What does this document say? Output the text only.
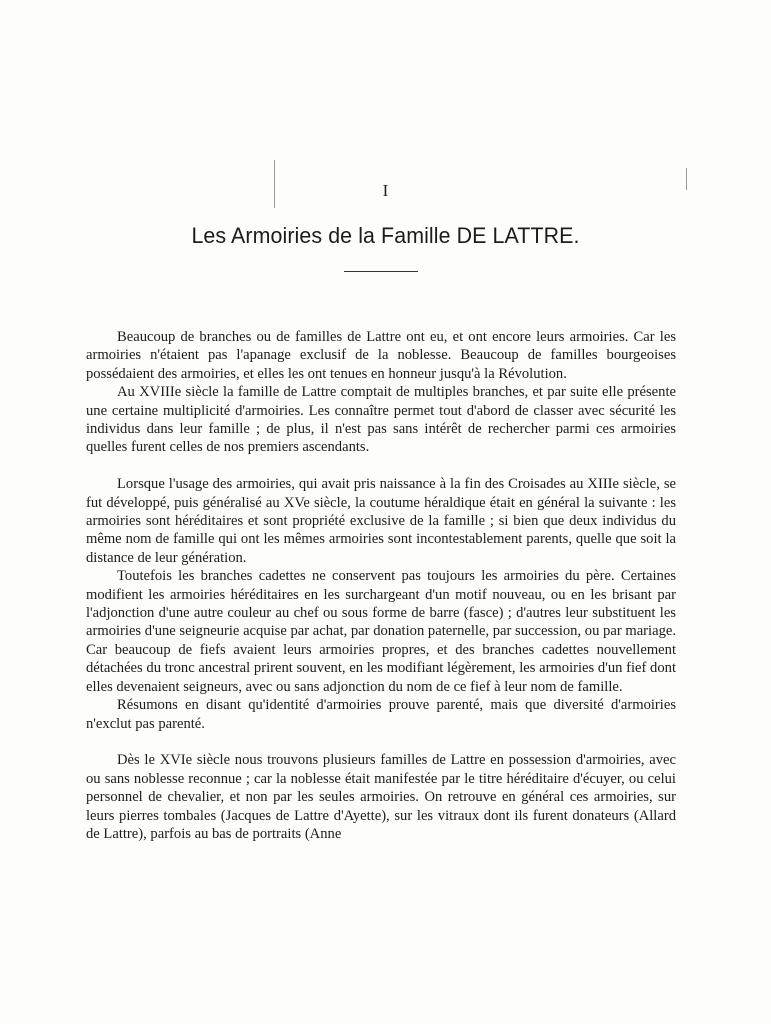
I
Les Armoiries de la Famille DE LATTRE.

Beaucoup de branches ou de familles de Lattre ont eu, et ont encore leurs armoiries. Car les armoiries n'étaient pas l'apanage exclusif de la noblesse. Beaucoup de familles bourgeoises possédaient des armoiries, et elles les ont tenues en honneur jusqu'à la Révolution.

Au XVIIIe siècle la famille de Lattre comptait de multiples branches, et par suite elle présente une certaine multiplicité d'armoiries. Les connaître permet tout d'abord de classer avec sécurité les individus dans leur famille ; de plus, il n'est pas sans intérêt de rechercher parmi ces armoiries quelles furent celles de nos premiers ascendants.

Lorsque l'usage des armoiries, qui avait pris naissance à la fin des Croisades au XIIIe siècle, se fut développé, puis généralisé au XVe siècle, la coutume héraldique était en général la suivante : les armoiries sont héréditaires et sont propriété exclusive de la famille ; si bien que deux individus du même nom de famille qui ont les mêmes armoiries sont incontestablement parents, quelle que soit la distance de leur génération.

Toutefois les branches cadettes ne conservent pas toujours les armoiries du père. Certaines modifient les armoiries héréditaires en les surchargeant d'un motif nouveau, ou en les brisant par l'adjonction d'une autre couleur au chef ou sous forme de barre (fasce) ; d'autres leur substituent les armoiries d'une seigneurie acquise par achat, par donation paternelle, par succession, ou par mariage. Car beaucoup de fiefs avaient leurs armoiries propres, et des branches cadettes nouvellement détachées du tronc ancestral prirent souvent, en les modifiant légèrement, les armoiries d'un fief dont elles devenaient seigneurs, avec ou sans adjonction du nom de ce fief à leur nom de famille.

Résumons en disant qu'identité d'armoiries prouve parenté, mais que diversité d'armoiries n'exclut pas parenté.

Dès le XVIe siècle nous trouvons plusieurs familles de Lattre en possession d'armoiries, avec ou sans noblesse reconnue ; car la noblesse était manifestée par le titre héréditaire d'écuyer, ou celui personnel de chevalier, et non par les seules armoiries. On retrouve en général ces armoiries, sur leurs pierres tombales (Jacques de Lattre d'Ayette), sur les vitraux dont ils furent donateurs (Allard de Lattre), parfois au bas de portraits (Anne
